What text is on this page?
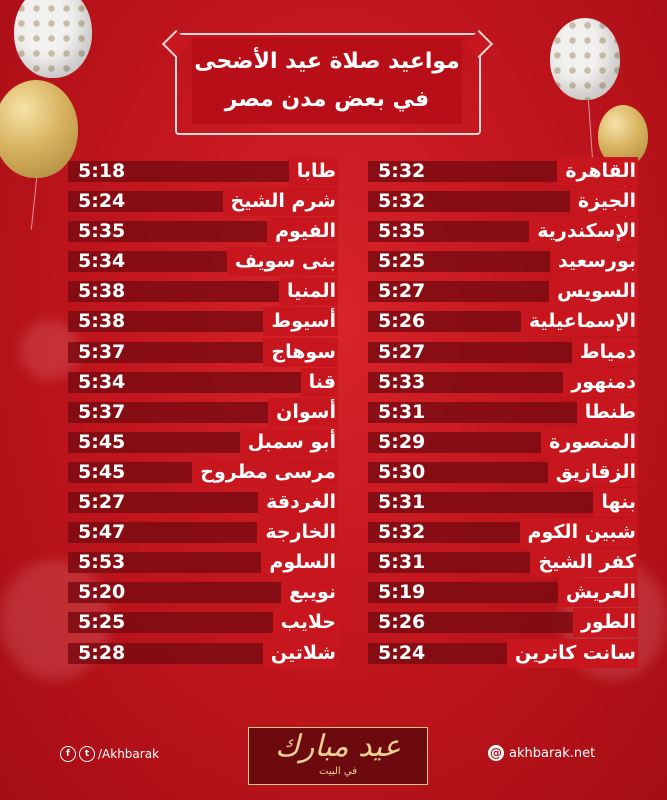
مواعيد صلاة عيد الأضحى
في بعض مدن مصر
القاهرة
5:32
الجيزة
5:32
الإسكندرية
5:35
بورسعيد
5:25
السويس
5:27
الإسماعيلية
5:26
دمياط
5:27
دمنهور
5:33
طنطا
5:31
المنصورة
5:29
الزقازيق
5:30
بنها
5:31
شبين الكوم
5:32
كفر الشيخ
5:31
العريش
5:19
الطور
5:26
سانت كاترين
5:24
طابا
5:18
شرم الشيخ
5:24
الفيوم
5:35
بنى سويف
5:34
المنيا
5:38
أسيوط
5:38
سوهاج
5:37
قنا
5:34
أسوان
5:37
أبو سمبل
5:45
مرسى مطروح
5:45
الغردقة
5:27
الخارجة
5:47
السلوم
5:53
نويبع
5:20
حلايب
5:25
شلاتين
5:28
f	t /Akhbarak	عيد مبارك
في البيت
@ akhbarak.net
